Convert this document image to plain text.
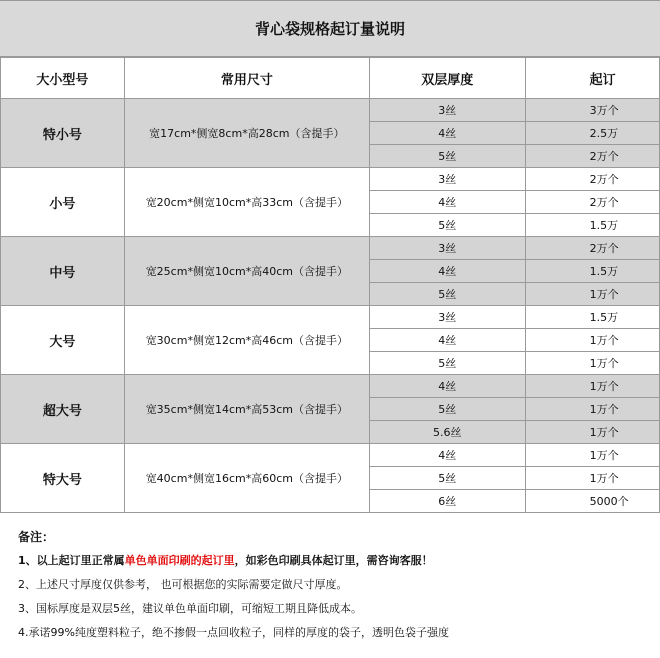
背心袋规格起订量说明
大小型号	常用尺寸	双层厚度	起订
特小号	宽17cm*侧宽8cm*高28cm（含提手）	3丝	3万个
		4丝	2.5万
		5丝	2万个
小号	宽20cm*侧宽10cm*高33cm（含提手）	3丝	2万个
		4丝	2万个
		5丝	1.5万
中号	宽25cm*侧宽10cm*高40cm（含提手）	3丝	2万个
		4丝	1.5万
		5丝	1万个
大号	宽30cm*侧宽12cm*高46cm（含提手）	3丝	1.5万
		4丝	1万个
		5丝	1万个
超大号	宽35cm*侧宽14cm*高53cm（含提手）	4丝	1万个
		5丝	1万个
		5.6丝	1万个
特大号	宽40cm*侧宽16cm*高60cm（含提手）	4丝	1万个
		5丝	1万个
		6丝	5000个
备注：
1、以上起订里正常属单色单面印刷的起订里，如彩色印刷具体起订里，需咨询客服！
2、上述尺寸厚度仅供参考， 也可根据您的实际需要定做尺寸厚度。
3、国标厚度是双层5丝，建议单色单面印刷，可缩短工期且降低成本。
4.承诺99%纯度塑料粒子，绝不掺假一点回收粒子，同样的厚度的袋子，透明色袋子强度
